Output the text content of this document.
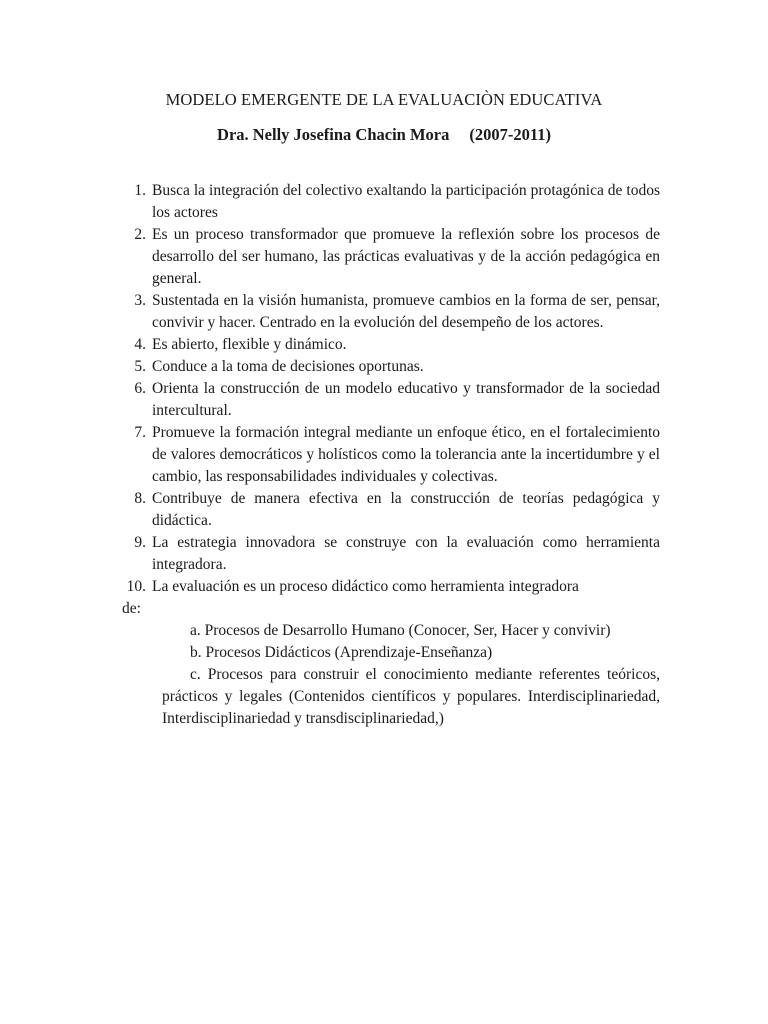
MODELO EMERGENTE DE LA EVALUACIÒN EDUCATIVA
Dra. Nelly Josefina Chacin Mora (2007-2011)
1. Busca la integración del colectivo exaltando la participación protagónica de todos los actores
2. Es un proceso transformador que promueve la reflexión sobre los procesos de desarrollo del ser humano, las prácticas evaluativas y de la acción pedagógica en general.
3. Sustentada en la visión humanista, promueve cambios en la forma de ser, pensar, convivir y hacer. Centrado en la evolución del desempeño de los actores.
4. Es abierto, flexible y dinámico.
5. Conduce a la toma de decisiones oportunas.
6. Orienta la construcción de un modelo educativo y transformador de la sociedad intercultural.
7. Promueve la formación integral mediante un enfoque ético, en el fortalecimiento de valores democráticos y holísticos como la tolerancia ante la incertidumbre y el cambio, las responsabilidades individuales y colectivas.
8. Contribuye de manera efectiva en la construcción de teorías pedagógica y didáctica.
9. La estrategia innovadora se construye con la evaluación como herramienta integradora.
10. La evaluación es un proceso didáctico como herramienta integradora
de:
a. Procesos de Desarrollo Humano (Conocer, Ser, Hacer y convivir)
b. Procesos Didácticos (Aprendizaje-Enseñanza)
c. Procesos para construir el conocimiento mediante referentes teóricos, prácticos y legales (Contenidos científicos y populares. Interdisciplinariedad, Interdisciplinariedad y transdisciplinariedad,)
